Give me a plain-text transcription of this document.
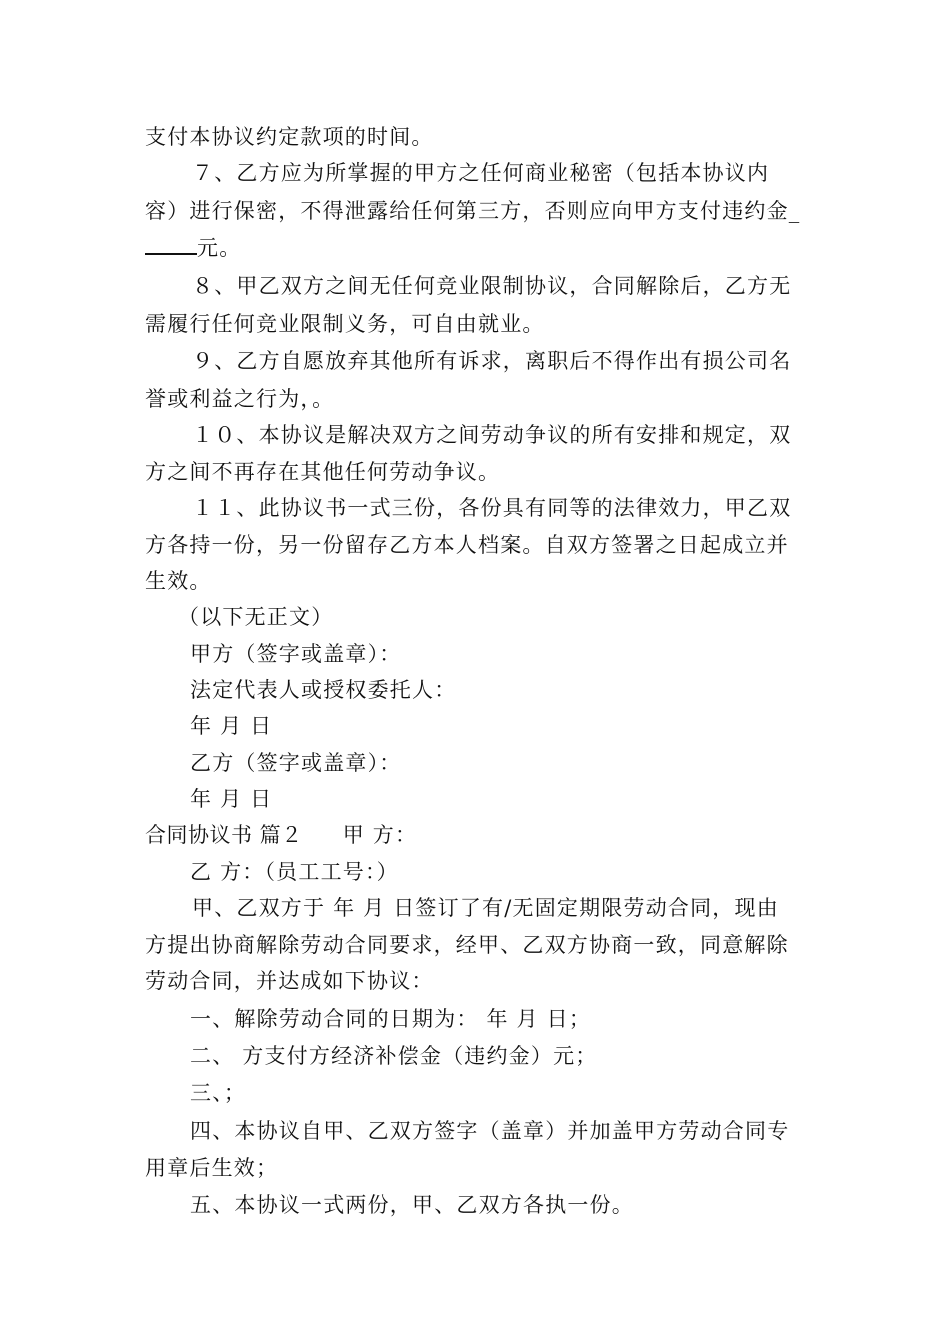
支付本协议约定款项的时间。
７、乙方应为所掌握的甲方之任何商业秘密（包括本协议内
容）进行保密，不得泄露给任何第三方，否则应向甲方支付违约金_
元。
８、甲乙双方之间无任何竞业限制协议，合同解除后，乙方无
需履行任何竞业限制义务，可自由就业。
９、乙方自愿放弃其他所有诉求，离职后不得作出有损公司名
誉或利益之行为，。
１０、本协议是解决双方之间劳动争议的所有安排和规定，双
方之间不再存在其他任何劳动争议。
１１、此协议书一式三份，各份具有同等的法律效力，甲乙双
方各持一份，另一份留存乙方本人档案。自双方签署之日起成立并
生效。
（以下无正文）
甲方（签字或盖章）：
法定代表人或授权委托人：
年 月 日
乙方（签字或盖章）：
年 月 日
合同协议书 篇２ 甲 方：
乙 方：（员工工号：）
甲、乙双方于 年 月 日签订了有/无固定期限劳动合同，现由
方提出协商解除劳动合同要求，经甲、乙双方协商一致，同意解除
劳动合同，并达成如下协议：
一、解除劳动合同的日期为： 年 月 日；
二、 方支付方经济补偿金（违约金）元；
三、；
四、本协议自甲、乙双方签字（盖章）并加盖甲方劳动合同专
用章后生效；
五、本协议一式两份，甲、乙双方各执一份。
